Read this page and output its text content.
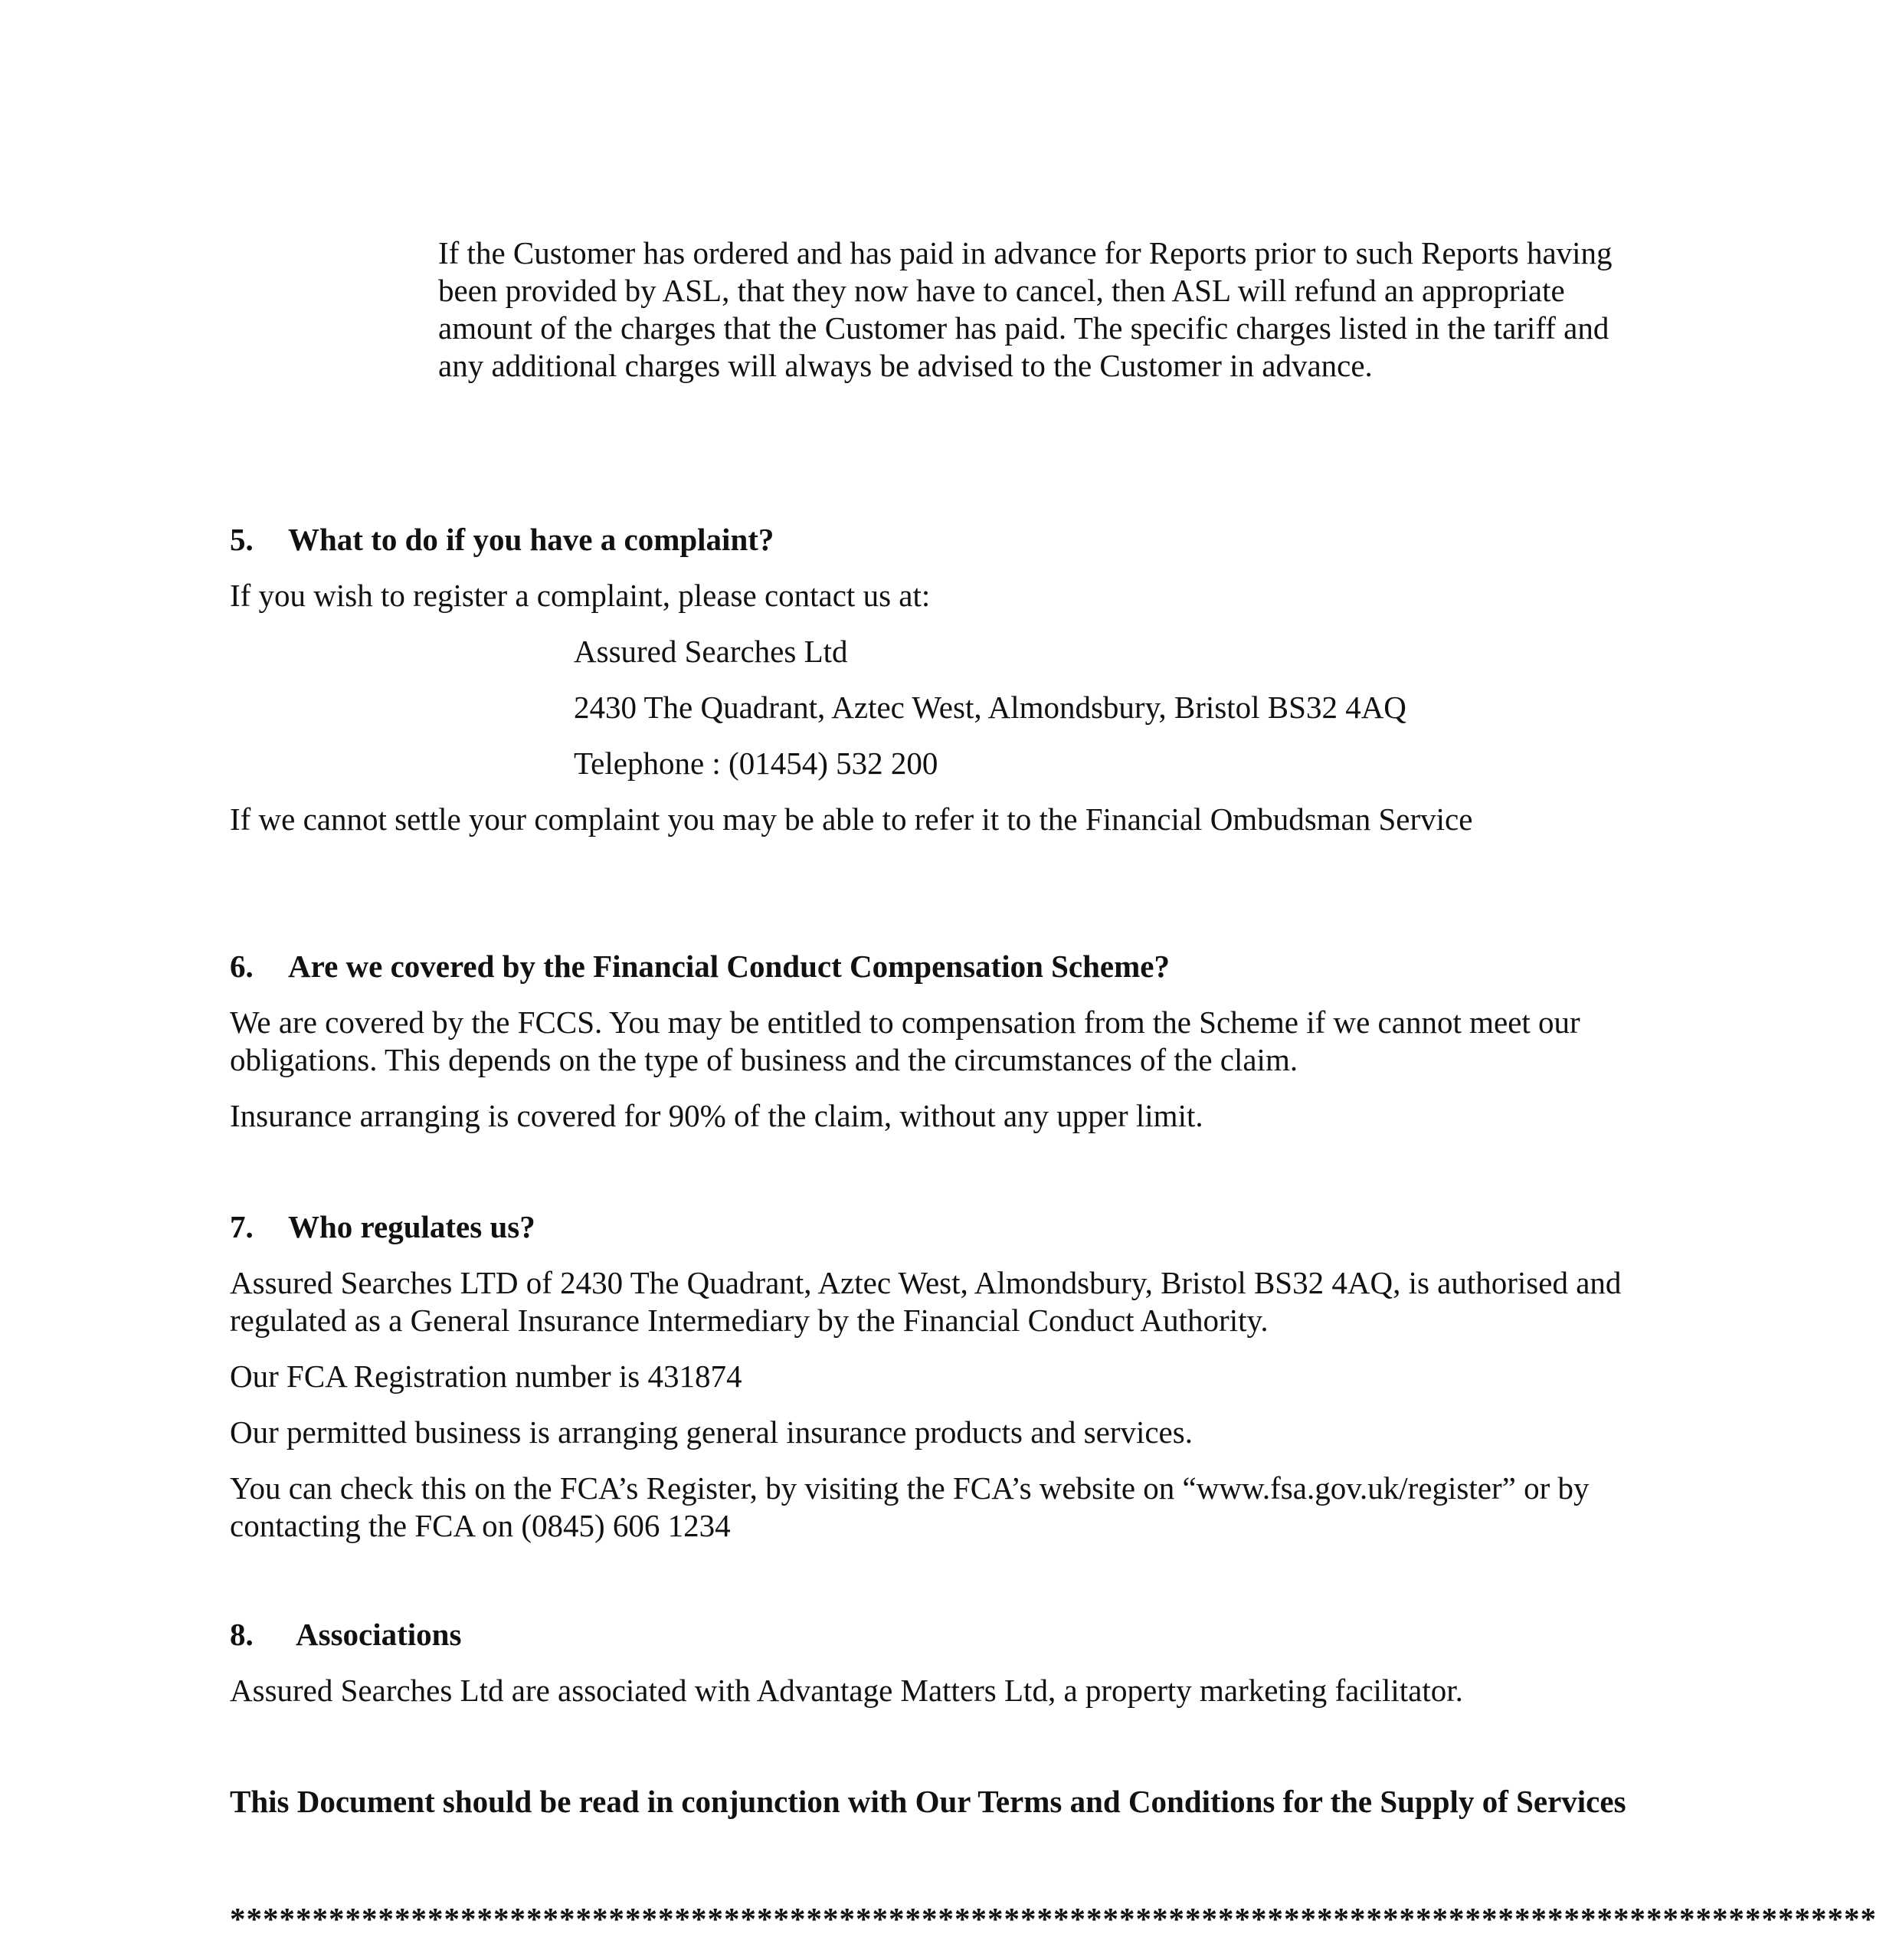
If the Customer has ordered and has paid in advance for Reports prior to such Reports having been provided by ASL, that they now have to cancel, then ASL will refund an appropriate amount of the charges that the Customer has paid. The specific charges listed in the tariff and any additional charges will always be advised to the Customer in advance.

5. What to do if you have a complaint?

If you wish to register a complaint, please contact us at:

Assured Searches Ltd

2430 The Quadrant, Aztec West, Almondsbury, Bristol BS32 4AQ

Telephone : (01454) 532 200

If we cannot settle your complaint you may be able to refer it to the Financial Ombudsman Service

6. Are we covered by the Financial Conduct Compensation Scheme?

We are covered by the FCCS. You may be entitled to compensation from the Scheme if we cannot meet our obligations. This depends on the type of business and the circumstances of the claim.

Insurance arranging is covered for 90% of the claim, without any upper limit.

7. Who regulates us?

Assured Searches LTD of 2430 The Quadrant, Aztec West, Almondsbury, Bristol BS32 4AQ, is authorised and regulated as a General Insurance Intermediary by the Financial Conduct Authority.

Our FCA Registration number is 431874

Our permitted business is arranging general insurance products and services.

You can check this on the FCA’s Register, by visiting the FCA’s website on “www.fsa.gov.uk/register” or by contacting the FCA on (0845) 606 1234

8. Associations

Assured Searches Ltd are associated with Advantage Matters Ltd, a property marketing facilitator.

This Document should be read in conjunction with Our Terms and Conditions for the Supply of Services

****************************************************************************************************
